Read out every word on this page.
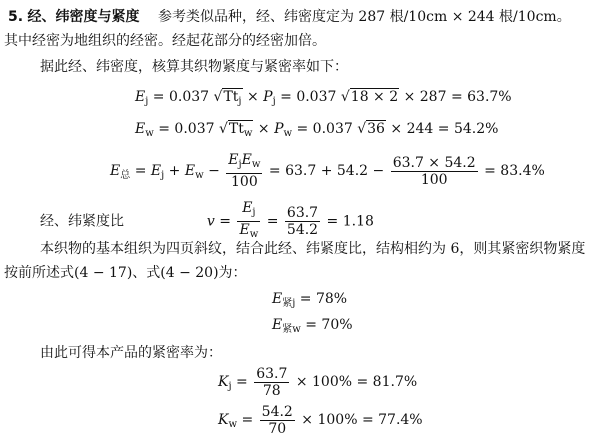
5. 经、纬密度与紧度 参考类似品种，经、纬密度定为 287 根/10cm × 244 根/10cm。
其中经密为地组织的经密。经起花部分的经密加倍。
据此经、纬密度，核算其织物紧度与紧密率如下：
$E_j = 0.037$ $√Tt_j \times P_j = 0.037$ √18 × 2 × 287 = 63.7%
$E_w = 0.037$ $√Tt_w \times P_w = 0.037$ √36 × 244 = 54.2%
$E_总 = E_j + E_w - \frac{E_jE_w}{100} = 63.7 + 54.2 - \frac{63.7 \times 54.2}{100} = 83.4\%$
经、纬紧度比	$v = \frac{E_j}{E_w} = \frac{63.7}{54.2} = 1.18$
本织物的基本组织为四页斜纹，结合此经、纬紧度比，结构相约为 6，则其紧密织物紧度
按前所述式(4 − 17)、式(4 − 20)为：
$E_{紧j} = 78\%$
$E_{紧w} = 70\%$
由此可得本产品的紧密率为：
$K_j = \frac{63.7}{78} \times 100\% = 81.7\%$
$K_w = \frac{54.2}{70} \times 100\% = 77.4\%$
